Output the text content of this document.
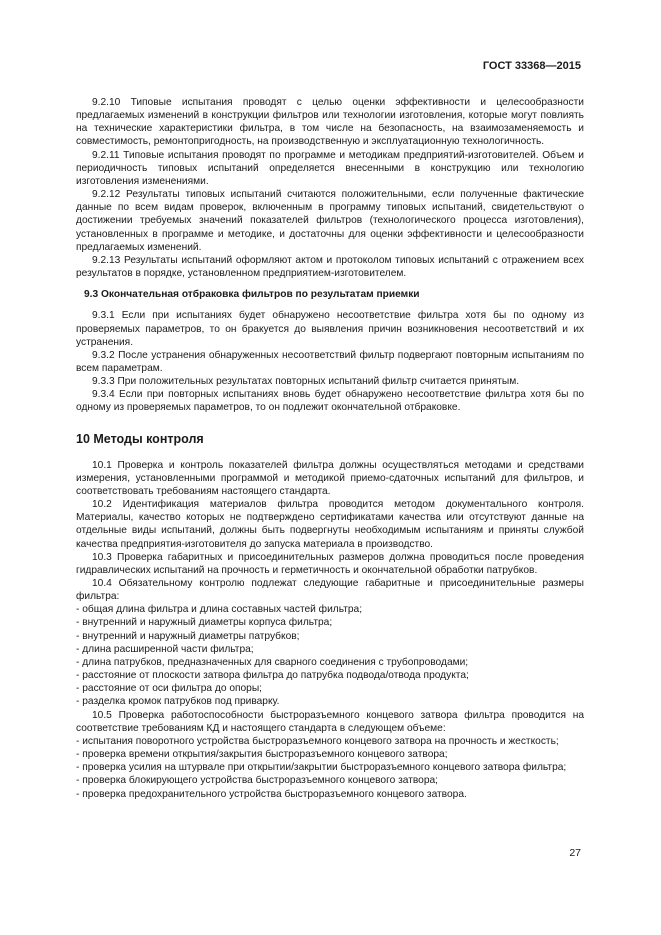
ГОСТ 33368—2015

9.2.10 Типовые испытания проводят с целью оценки эффективности и целесообразности предлагаемых изменений в конструкции фильтров или технологии изготовления, которые могут повлиять на технические характеристики фильтра, в том числе на безопасность, на взаимозаменяемость и совместимость, ремонтопригодность, на производственную и эксплуатационную технологичность.

9.2.11 Типовые испытания проводят по программе и методикам предприятий-изготовителей. Объем и периодичность типовых испытаний определяется внесенными в конструкцию или технологию изготовления изменениями.

9.2.12 Результаты типовых испытаний считаются положительными, если полученные фактические данные по всем видам проверок, включенным в программу типовых испытаний, свидетельствуют о достижении требуемых значений показателей фильтров (технологического процесса изготовления), установленных в программе и методике, и достаточны для оценки эффективности и целесообразности предлагаемых изменений.

9.2.13 Результаты испытаний оформляют актом и протоколом типовых испытаний с отражением всех результатов в порядке, установленном предприятием-изготовителем.

9.3 Окончательная отбраковка фильтров по результатам приемки

9.3.1 Если при испытаниях будет обнаружено несоответствие фильтра хотя бы по одному из проверяемых параметров, то он бракуется до выявления причин возникновения несоответствий и их устранения.

9.3.2 После устранения обнаруженных несоответствий фильтр подвергают повторным испытаниям по всем параметрам.

9.3.3 При положительных результатах повторных испытаний фильтр считается принятым.

9.3.4 Если при повторных испытаниях вновь будет обнаружено несоответствие фильтра хотя бы по одному из проверяемых параметров, то он подлежит окончательной отбраковке.

10 Методы контроля

10.1 Проверка и контроль показателей фильтра должны осуществляться методами и средствами измерения, установленными программой и методикой приемо-сдаточных испытаний для фильтров, и соответствовать требованиям настоящего стандарта.

10.2 Идентификация материалов фильтра проводится методом документального контроля. Материалы, качество которых не подтверждено сертификатами качества или отсутствуют данные на отдельные виды испытаний, должны быть подвергнуты необходимым испытаниям и приняты службой качества предприятия-изготовителя до запуска материала в производство.

10.3 Проверка габаритных и присоединительных размеров должна проводиться после проведения гидравлических испытаний на прочность и герметичность и окончательной обработки патрубков.

10.4 Обязательному контролю подлежат следующие габаритные и присоединительные размеры фильтра:

- общая длина фильтра и длина составных частей фильтра;
- внутренний и наружный диаметры корпуса фильтра;
- внутренний и наружный диаметры патрубков;
- длина расширенной части фильтра;
- длина патрубков, предназначенных для сварного соединения с трубопроводами;
- расстояние от плоскости затвора фильтра до патрубка подвода/отвода продукта;
- расстояние от оси фильтра до опоры;
- разделка кромок патрубков под приварку.

10.5 Проверка работоспособности быстроразъемного концевого затвора фильтра проводится на соответствие требованиям КД и настоящего стандарта в следующем объеме:

- испытания поворотного устройства быстроразъемного концевого затвора на прочность и жесткость;
- проверка времени открытия/закрытия быстроразъемного концевого затвора;
- проверка усилия на штурвале при открытии/закрытии быстроразъемного концевого затвора фильтра;
- проверка блокирующего устройства быстроразъемного концевого затвора;
- проверка предохранительного устройства быстроразъемного концевого затвора.
27
